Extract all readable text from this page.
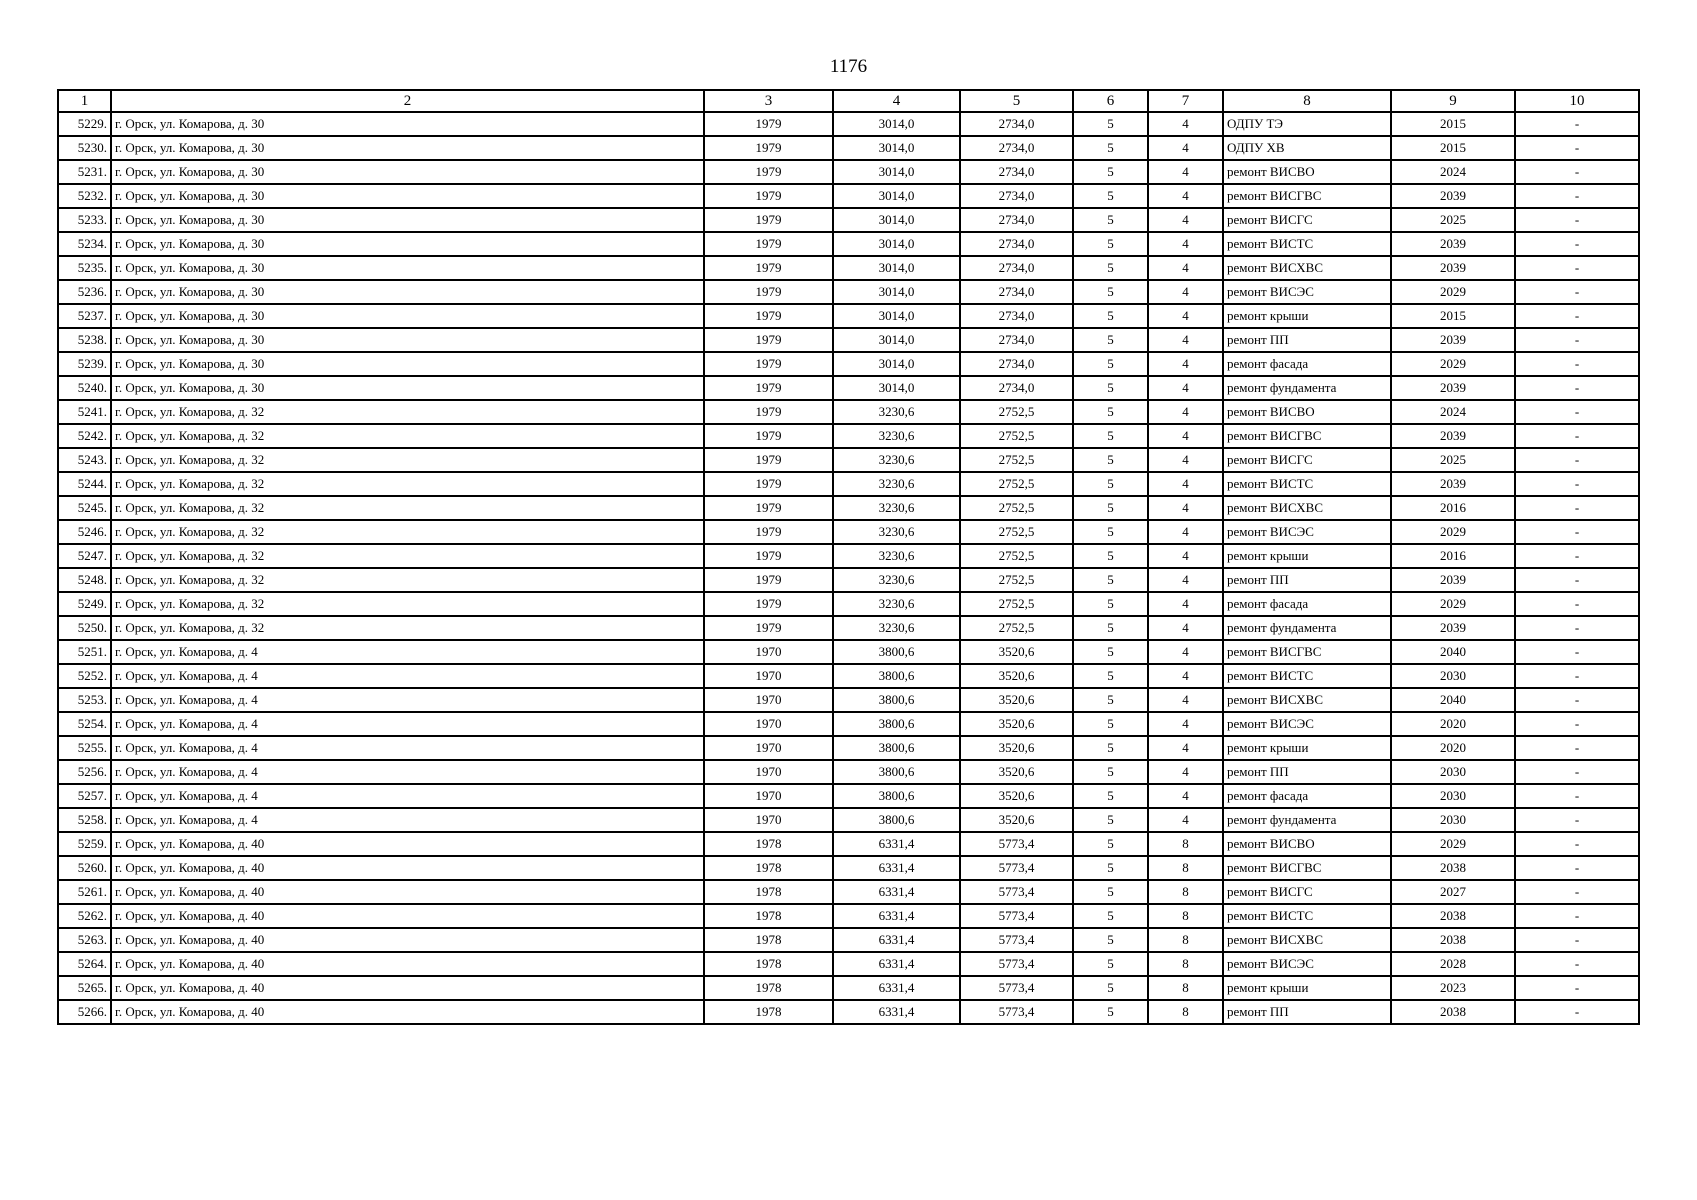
1176
1	2	3	4	5	6	7	8	9	10
5229.	г. Орск, ул. Комарова, д. 30	1979	3014,0	2734,0	5	4	ОДПУ ТЭ	2015	-
5230.	г. Орск, ул. Комарова, д. 30	1979	3014,0	2734,0	5	4	ОДПУ ХВ	2015	-
5231.	г. Орск, ул. Комарова, д. 30	1979	3014,0	2734,0	5	4	ремонт ВИСВО	2024	-
5232.	г. Орск, ул. Комарова, д. 30	1979	3014,0	2734,0	5	4	ремонт ВИСГВС	2039	-
5233.	г. Орск, ул. Комарова, д. 30	1979	3014,0	2734,0	5	4	ремонт ВИСГС	2025	-
5234.	г. Орск, ул. Комарова, д. 30	1979	3014,0	2734,0	5	4	ремонт ВИСТС	2039	-
5235.	г. Орск, ул. Комарова, д. 30	1979	3014,0	2734,0	5	4	ремонт ВИСХВС	2039	-
5236.	г. Орск, ул. Комарова, д. 30	1979	3014,0	2734,0	5	4	ремонт ВИСЭС	2029	-
5237.	г. Орск, ул. Комарова, д. 30	1979	3014,0	2734,0	5	4	ремонт крыши	2015	-
5238.	г. Орск, ул. Комарова, д. 30	1979	3014,0	2734,0	5	4	ремонт ПП	2039	-
5239.	г. Орск, ул. Комарова, д. 30	1979	3014,0	2734,0	5	4	ремонт фасада	2029	-
5240.	г. Орск, ул. Комарова, д. 30	1979	3014,0	2734,0	5	4	ремонт фундамента	2039	-
5241.	г. Орск, ул. Комарова, д. 32	1979	3230,6	2752,5	5	4	ремонт ВИСВО	2024	-
5242.	г. Орск, ул. Комарова, д. 32	1979	3230,6	2752,5	5	4	ремонт ВИСГВС	2039	-
5243.	г. Орск, ул. Комарова, д. 32	1979	3230,6	2752,5	5	4	ремонт ВИСГС	2025	-
5244.	г. Орск, ул. Комарова, д. 32	1979	3230,6	2752,5	5	4	ремонт ВИСТС	2039	-
5245.	г. Орск, ул. Комарова, д. 32	1979	3230,6	2752,5	5	4	ремонт ВИСХВС	2016	-
5246.	г. Орск, ул. Комарова, д. 32	1979	3230,6	2752,5	5	4	ремонт ВИСЭС	2029	-
5247.	г. Орск, ул. Комарова, д. 32	1979	3230,6	2752,5	5	4	ремонт крыши	2016	-
5248.	г. Орск, ул. Комарова, д. 32	1979	3230,6	2752,5	5	4	ремонт ПП	2039	-
5249.	г. Орск, ул. Комарова, д. 32	1979	3230,6	2752,5	5	4	ремонт фасада	2029	-
5250.	г. Орск, ул. Комарова, д. 32	1979	3230,6	2752,5	5	4	ремонт фундамента	2039	-
5251.	г. Орск, ул. Комарова, д. 4	1970	3800,6	3520,6	5	4	ремонт ВИСГВС	2040	-
5252.	г. Орск, ул. Комарова, д. 4	1970	3800,6	3520,6	5	4	ремонт ВИСТС	2030	-
5253.	г. Орск, ул. Комарова, д. 4	1970	3800,6	3520,6	5	4	ремонт ВИСХВС	2040	-
5254.	г. Орск, ул. Комарова, д. 4	1970	3800,6	3520,6	5	4	ремонт ВИСЭС	2020	-
5255.	г. Орск, ул. Комарова, д. 4	1970	3800,6	3520,6	5	4	ремонт крыши	2020	-
5256.	г. Орск, ул. Комарова, д. 4	1970	3800,6	3520,6	5	4	ремонт ПП	2030	-
5257.	г. Орск, ул. Комарова, д. 4	1970	3800,6	3520,6	5	4	ремонт фасада	2030	-
5258.	г. Орск, ул. Комарова, д. 4	1970	3800,6	3520,6	5	4	ремонт фундамента	2030	-
5259.	г. Орск, ул. Комарова, д. 40	1978	6331,4	5773,4	5	8	ремонт ВИСВО	2029	-
5260.	г. Орск, ул. Комарова, д. 40	1978	6331,4	5773,4	5	8	ремонт ВИСГВС	2038	-
5261.	г. Орск, ул. Комарова, д. 40	1978	6331,4	5773,4	5	8	ремонт ВИСГС	2027	-
5262.	г. Орск, ул. Комарова, д. 40	1978	6331,4	5773,4	5	8	ремонт ВИСТС	2038	-
5263.	г. Орск, ул. Комарова, д. 40	1978	6331,4	5773,4	5	8	ремонт ВИСХВС	2038	-
5264.	г. Орск, ул. Комарова, д. 40	1978	6331,4	5773,4	5	8	ремонт ВИСЭС	2028	-
5265.	г. Орск, ул. Комарова, д. 40	1978	6331,4	5773,4	5	8	ремонт крыши	2023	-
5266.	г. Орск, ул. Комарова, д. 40	1978	6331,4	5773,4	5	8	ремонт ПП	2038	-
